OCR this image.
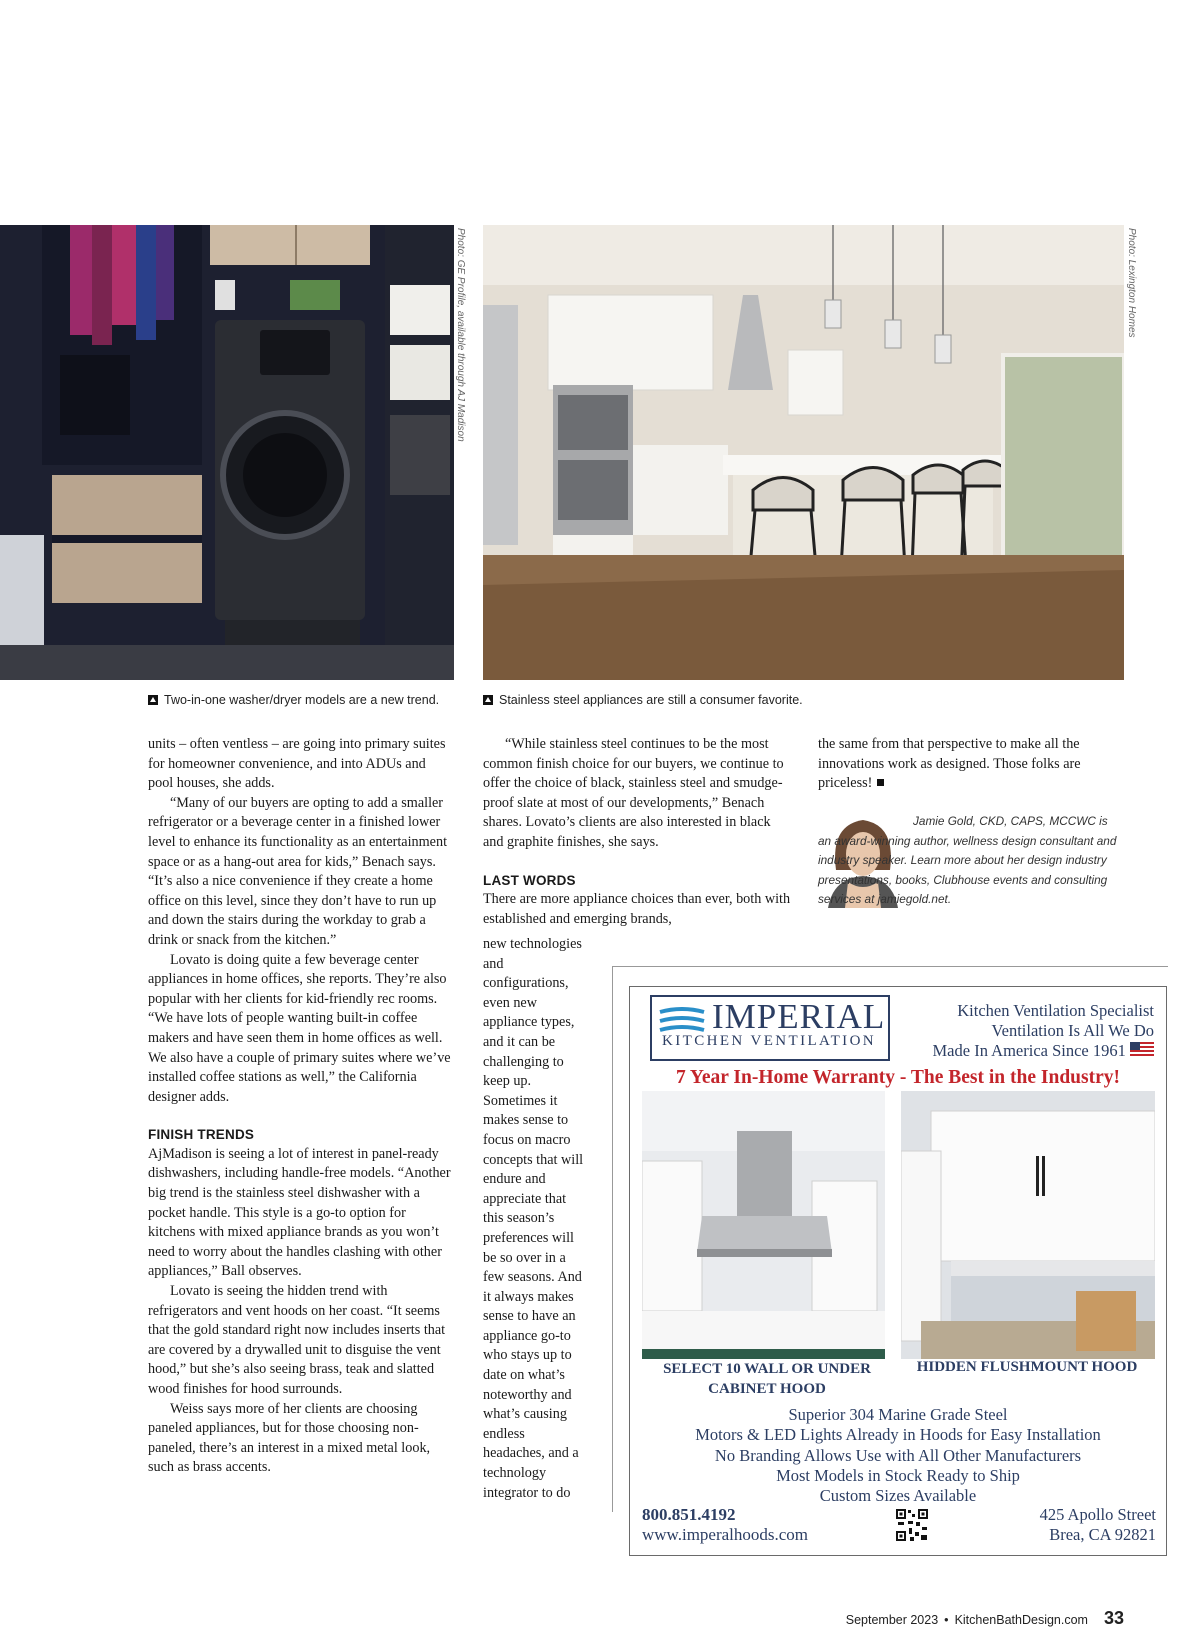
Photo: GE Profile, available through AJ Madison	Photo: Lexington Homes
Two-in-one washer/dryer models are a new trend.	Stainless steel appliances are still a consumer favorite.

units – often ventless – are going into primary suites for homeowner convenience, and into ADUs and pool houses, she adds.

“Many of our buyers are opting to add a smaller refrigerator or a beverage center in a finished lower level to enhance its functionality as an entertainment space or as a hang-out area for kids,” Benach says. “It’s also a nice convenience if they create a home office on this level, since they don’t have to run up and down the stairs during the workday to grab a drink or snack from the kitchen.”

Lovato is doing quite a few beverage center appliances in home offices, she reports. They’re also popular with her clients for kid-friendly rec rooms. “We have lots of people wanting built-in coffee makers and have seen them in home offices as well. We also have a couple of primary suites where we’ve installed coffee stations as well,” the California designer adds.

FINISH TRENDS

AjMadison is seeing a lot of interest in panel-ready dishwashers, including handle-free models. “Another big trend is the stainless steel dishwasher with a pocket handle. This style is a go-to option for kitchens with mixed appliance brands as you won’t need to worry about the handles clashing with other appliances,” Ball observes.

Lovato is seeing the hidden trend with refrigerators and vent hoods on her coast. “It seems that the gold standard right now includes inserts that are covered by a drywalled unit to disguise the vent hood,” but she’s also seeing brass, teak and slatted wood finishes for hood surrounds.

Weiss says more of her clients are choosing paneled appliances, but for those choosing non-paneled, there’s an interest in a mixed metal look, such as brass accents.

“While stainless steel continues to be the most common finish choice for our buyers, we continue to offer the choice of black, stainless steel and smudge-proof slate at most of our developments,” Benach shares. Lovato’s clients are also interested in black and graphite finishes, she says.

LAST WORDS

There are more appliance choices than ever, both with established and emerging brands,

new technologies and configurations, even new appliance types, and it can be challenging to keep up. Sometimes it makes sense to focus on macro concepts that will endure and appreciate that this season’s preferences will be so over in a few seasons. And it always makes sense to have an appliance go-to who stays up to date on what’s noteworthy and what’s causing endless headaches, and a technology integrator to do

the same from that perspective to make all the innovations work as designed. Those folks are priceless!

Jamie Gold, CKD, CAPS, MCCWC is an award-winning author, wellness design consultant and industry speaker. Learn more about her design industry presentations, books, Clubhouse events and consulting services at jamiegold.net.
IMPERIAL
KITCHEN VENTILATION
Kitchen Ventilation Specialist
Ventilation Is All We Do
Made In America Since 1961
7 Year In-Home Warranty - The Best in the Industry!
SELECT 10 WALL OR UNDER CABINET HOOD
HIDDEN FLUSHMOUNT HOOD
Superior 304 Marine Grade Steel
Motors & LED Lights Already in Hoods for Easy Installation
No Branding Allows Use with All Other Manufacturers
Most Models in Stock Ready to Ship
Custom Sizes Available
800.851.4192
www.imperalhoods.com
425 Apollo Street
Brea, CA 92821
September 2023 • KitchenBathDesign.com 33
